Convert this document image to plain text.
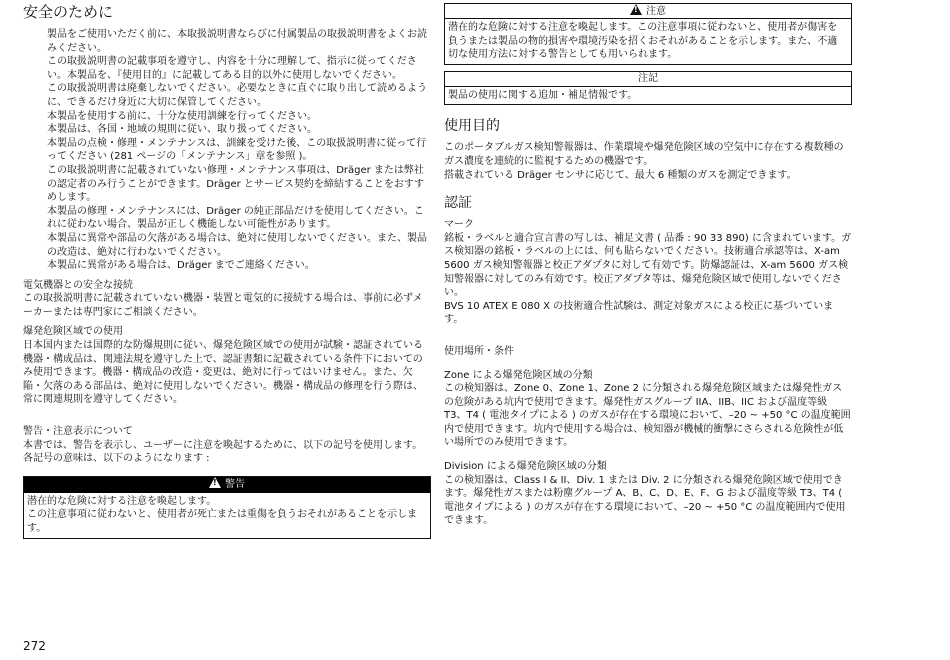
安全のために

製品をご使用いただく前に、本取扱説明書ならびに付属製品の取扱説明書をよくお読みください。

この取扱説明書の記載事項を遵守し、内容を十分に理解して、指示に従ってください。本製品を、『使用目的』に記載してある目的以外に使用しないでください。

この取扱説明書は廃棄しないでください。必要なときに直ぐに取り出して読めるように、できるだけ身近に大切に保管してください。

本製品を使用する前に、十分な使用訓練を行ってください。

本製品は、各国・地域の規則に従い、取り扱ってください。

本製品の点検・修理・メンテナンスは、訓練を受けた後、この取扱説明書に従って行ってください (281 ページの「メンテナンス」章を参照 )。

この取扱説明書に記載されていない修理・メンテナンス事項は、Dräger または弊社の認定者のみ行うことができます。Dräger とサービス契約を締結することをおすすめします。

本製品の修理・メンテナンスには、Dräger の純正部品だけを使用してください。これに従わない場合、製品が正しく機能しない可能性があります。

本製品に異常や部品の欠落がある場合は、絶対に使用しないでください。また、製品の改造は、絶対に行わないでください。

本製品に異常がある場合は、Dräger までご連絡ください。

電気機器との安全な接続

この取扱説明書に記載されていない機器・装置と電気的に接続する場合は、事前に必ずメーカーまたは専門家にご相談ください。

爆発危険区域での使用

日本国内または国際的な防爆規則に従い、爆発危険区域での使用が試験・認証されている機器・構成品は、関連法規を遵守した上で、認証書類に記載されている条件下においてのみ使用できます。機器・構成品の改造・変更は、絶対に行ってはいけません。また、欠陥・欠落のある部品は、絶対に使用しないでください。機器・構成品の修理を行う際は、常に関連規則を遵守してください。

警告・注意表示について

本書では、警告を表示し、ユーザーに注意を喚起するために、以下の記号を使用します。各記号の意味は、以下のようになります :

! 警告

潜在的な危険に対する注意を喚起します。

この注意事項に従わないと、使用者が死亡または重傷を負うおそれがあることを示します。

! 注意

潜在的な危険に対する注意を喚起します。この注意事項に従わないと、使用者が傷害を負うまたは製品の物的損害や環境汚染を招くおそれがあることを示します。また、不適切な使用方法に対する警告としても用いられます。

注記

製品の使用に関する追加・補足情報です。

使用目的

このポータブルガス検知警報器は、作業環境や爆発危険区域の空気中に存在する複数種のガス濃度を連続的に監視するための機器です。

搭載されている Dräger センサに応じて、最大 6 種類のガスを測定できます。

認証

マーク

銘板・ラベルと適合宣言書の写しは、補足文書 ( 品番 : 90 33 890) に含まれています。ガス検知器の銘板・ラベルの上には、何も貼らないでください。技術適合承認等は、X-am 5600 ガス検知警報器と校正アダプタに対して有効です。防爆認証は、X-am 5600 ガス検知警報器に対してのみ有効です。校正アダプタ等は、爆発危険区域で使用しないでください。

BVS 10 ATEX E 080 X の技術適合性試験は、測定対象ガスによる校正に基づいています。

使用場所・条件

Zone による爆発危険区域の分類

この検知器は、Zone 0、Zone 1、Zone 2 に分類される爆発危険区域または爆発性ガスの危険がある坑内で使用できます。爆発性ガスグループ IIA、IIB、IIC および温度等級 T3、T4 ( 電池タイプによる ) のガスが存在する環境において、–20 ~ +50 °C の温度範囲内で使用できます。坑内で使用する場合は、検知器が機械的衝撃にさらされる危険性が低い場所でのみ使用できます。

Division による爆発危険区域の分類

この検知器は、Class I & II、Div. 1 または Div. 2 に分類される爆発危険区域で使用できます。爆発性ガスまたは粉塵グループ A、B、C、D、E、F、G および温度等級 T3、T4 ( 電池タイプによる ) のガスが存在する環境において、–20 ~ +50 °C の温度範囲内で使用できます。

272
